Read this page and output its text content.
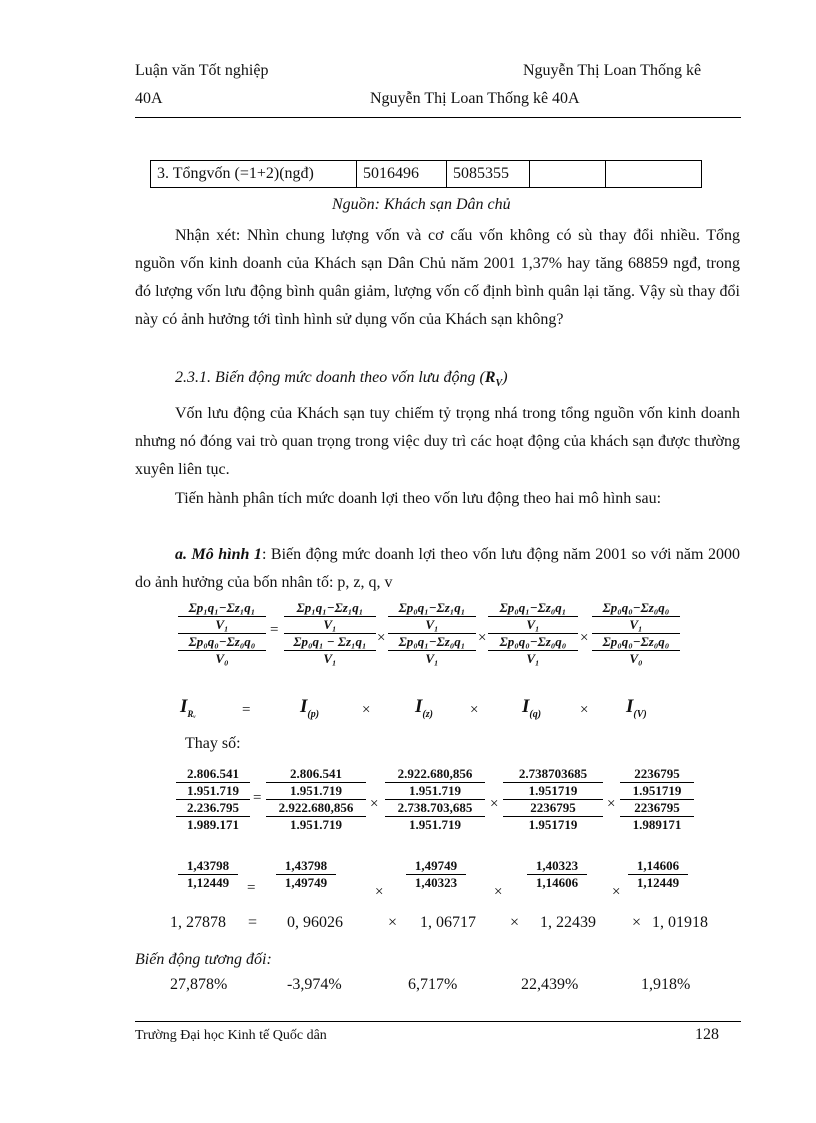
Luận văn Tốt nghiệp	Nguyễn Thị Loan Thống kê
40A	Nguyễn Thị Loan Thống kê 40A
3. Tổngvốn (=1+2)(ngđ)	5016496	5085355		
Nguồn: Khách sạn Dân chủ
Nhận xét: Nhìn chung lượng vốn và cơ cấu vốn không có sù thay đổi nhiều. Tổng nguồn vốn kinh doanh của Khách sạn Dân Chủ năm 2001 1,37% hay tăng 68859 ngđ, trong đó lượng vốn lưu động bình quân giảm, lượng vốn cố định bình quân lại tăng. Vậy sù thay đổi này có ảnh hưởng tới tình hình sử dụng vốn của Khách sạn không?
2.3.1. Biến động mức doanh theo vốn lưu động $(R_V)$
Vốn lưu động của Khách sạn tuy chiếm tỷ trọng nhá trong tổng nguồn vốn kinh doanh nhưng nó đóng vai trò quan trọng trong việc duy trì các hoạt động của khách sạn được thường xuyên liên tục.
Tiến hành phân tích mức doanh lợi theo vốn lưu động theo hai mô hình sau:
a. Mô hình 1: Biến động mức doanh lợi theo vốn lưu động năm 2001 so với năm 2000 do ảnh hưởng của bốn nhân tố: p, z, q, v
Σp₁q₁−Σz₁q₁
V₁
Σp₀q₀−Σz₀q₀
V₀
=
Σp₁q₁−Σz₁q₁
V₁
Σp₀q₁ − Σz₁q₁
V₁
×
Σp₀q₁−Σz₁q₁
V₁
Σp₀q₁−Σz₀q₁
V₁
×
Σp₀q₁−Σz₀q₁
V₁
Σp₀q₀−Σz₀q₀
V₁
×
Σp₀q₀−Σz₀q₀
V₁
Σp₀q₀−Σz₀q₀
V₀
$I_{Rᵥ}$	=	$I_{(p)}$	× $I_{(z)} \times I_{(q)}$	× $I_{(V)}$
Thay số:
2.806.541
1.951.719
2.236.795
1.989.171
=
2.806.541
1.951.719
2.922.680,856
1.951.719
×
2.922.680,856
1.951.719
2.738.703,685
1.951.719
×
2.738703685
1.951719
2236795
1.951719
×
2236795
1.951719
2236795
1.989171
1,43798
1,12449	=
1,43798
1,49749
×
1,49749
1,40323
×
1,40323
1,14606
×
1,14606
1,12449
1, 27878 = 0, 96026	× 1, 06717 × 1, 22439 × 1, 01918
Biến động tương đối:
27,878%	-3,974%	6,717%	22,439%	1,918%
Trường Đại học Kinh tế Quốc dân	128
